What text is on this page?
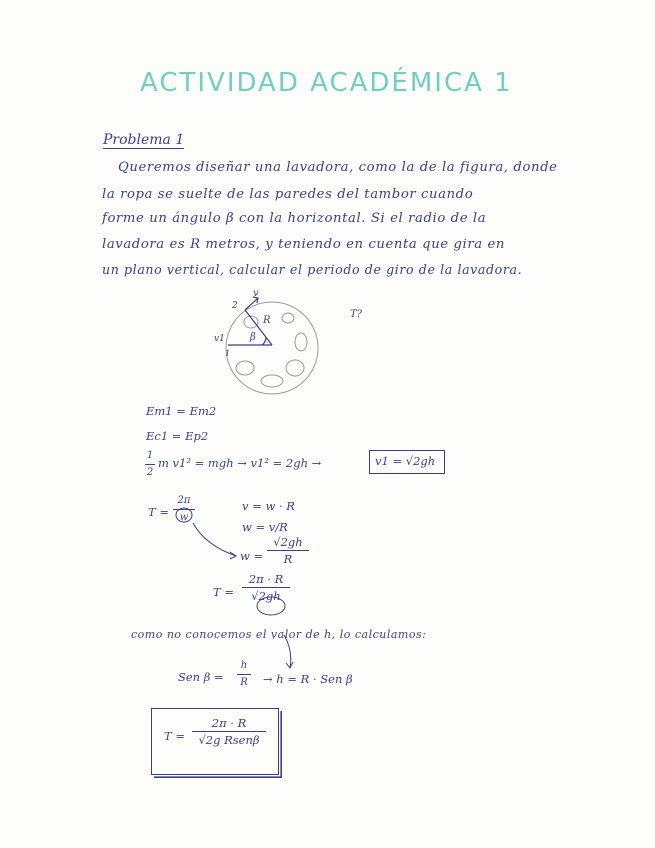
ACTIVIDAD ACADÉMICA 1
Problema 1
Queremos diseñar una lavadora, como la de la figura, donde
la ropa se suelte de las paredes del tambor cuando
forme un ángulo β con la horizontal. Si el radio de la
lavadora es R metros, y teniendo en cuenta que gira en
un plano vertical, calcular el periodo de giro de la lavadora.
2
v
R
β
v1
1
T?
Em1 = Em2
Ec1 = Ep2
1
2
m v1² = mgh → v1² = 2gh →	v1 = √2gh
T =
2π
w
v = w · R
w = v/R
w =
√2gh
R
T =
2π · R
√2gh
como no conocemos el valor de h, lo calculamos:
Sen β =
h
R → h = R · Sen β
T =
2π · R
√2g Rsenβ
